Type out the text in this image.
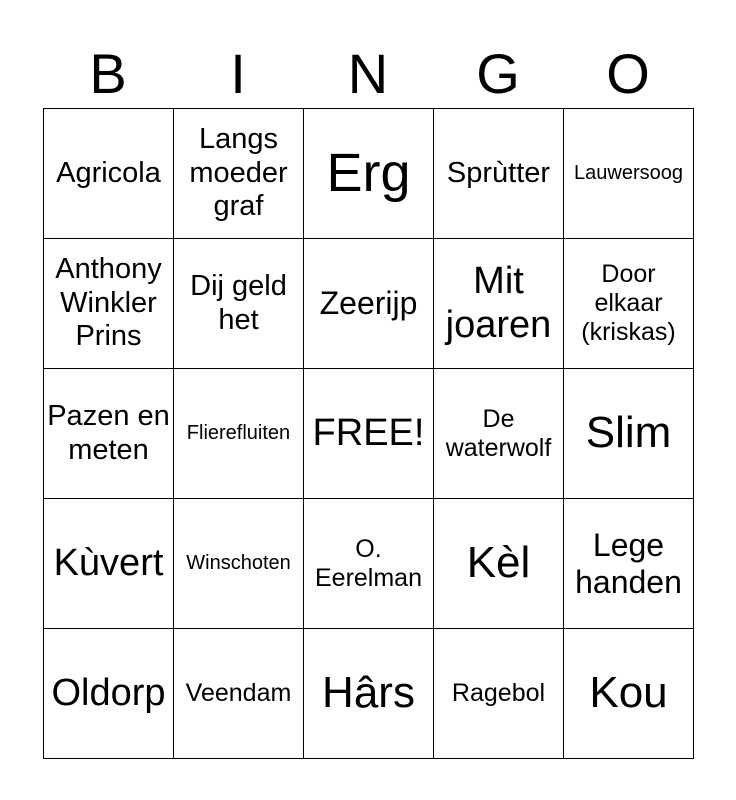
B	I	N	G	O
Agricola	Langs moeder graf	Erg	Sprùtter	Lauwersoog
Anthony Winkler Prins	Dij geld het	Zeerijp	Mit joaren	Door elkaar (kriskas)
Pazen en meten	Flierefluiten	FREE!	De waterwolf	Slim
Kùvert	Winschoten	O. Eerelman	Kèl	Lege handen
Oldorp	Veendam	Hârs	Ragebol	Kou
